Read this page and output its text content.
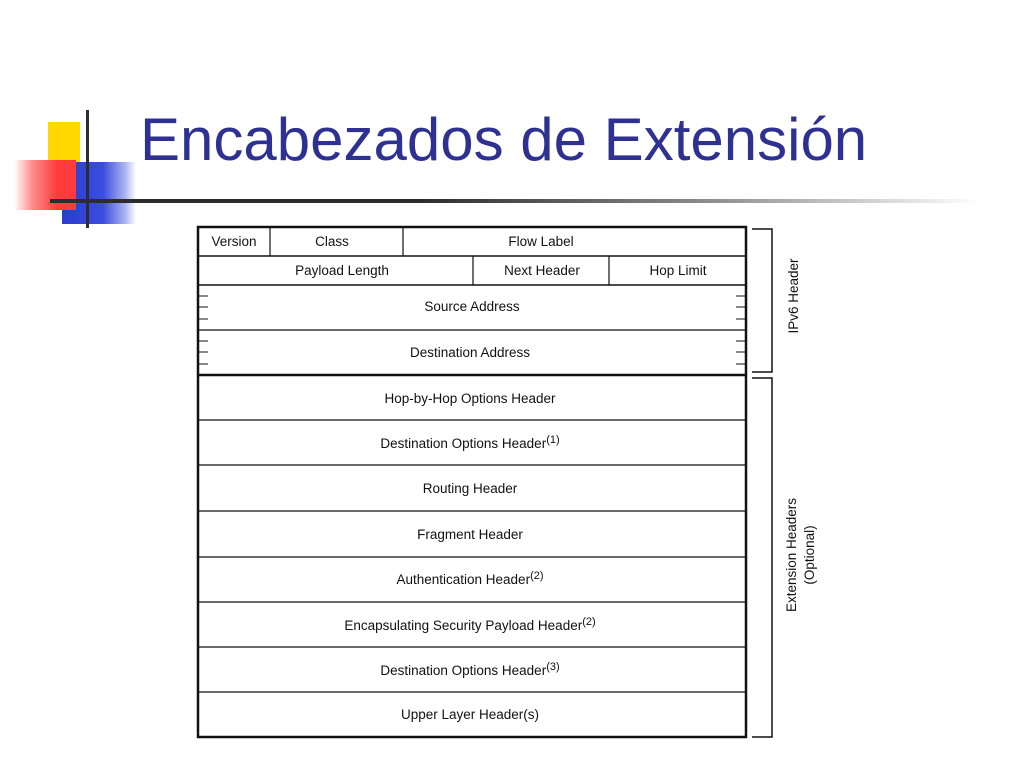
Encabezados de Extensión
Version	Class	Flow Label
Payload Length	Next Header	Hop Limit
Source Address
Destination Address
Hop-by-Hop Options Header
Destination Options Header$^{(1)}$
Routing Header
Fragment Header
Authentication Header$^{(2)}$
Encapsulating Security Payload Header$^{(2)}$
Destination Options Header$^{(3)}$
Upper Layer Header(s)
IPv6 Header
Extension Headers (Optional)
